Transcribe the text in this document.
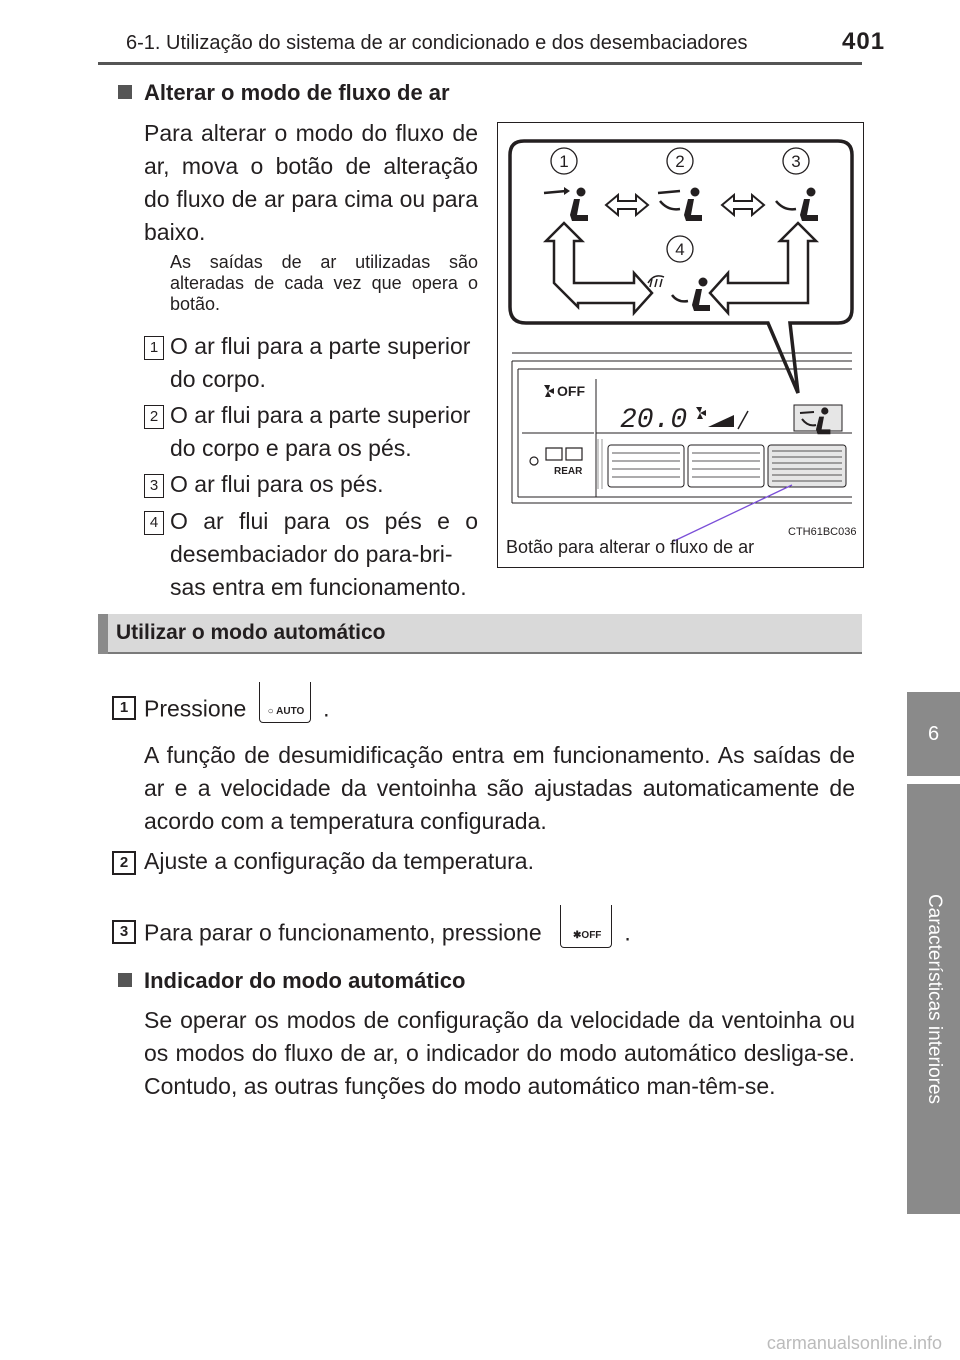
6-1. Utilização do sistema de ar condicionado e dos desembaciadores	401
6
Características interiores
Alterar o modo de fluxo de ar
Para alterar o modo do fluxo de ar, mova o botão de alteração do fluxo de ar para cima ou para baixo.
As saídas de ar utilizadas são alteradas de cada vez que opera o botão.
1 O ar flui para a parte superior
do corpo.
2 O ar flui para a parte superior
do corpo e para os pés.
3 O ar flui para os pés.
4 O ar flui para os pés e o
desembaciador do para-bri-
sas entra em funcionamento.
1	2	3
4
OFF
20.0
REAR
CTH61BC036
Botão para alterar o fluxo de ar
Utilizar o modo automático
1 Pressione ○ AUTO .
A função de desumidificação entra em funcionamento. As saídas de ar e a velocidade da ventoinha são ajustadas automaticamente de acordo com a temperatura configurada.
2 Ajuste a configuração da temperatura.
3 Para parar o funcionamento, pressione	✱OFF .
Indicador do modo automático
Se operar os modos de configuração da velocidade da ventoinha ou os modos do fluxo de ar, o indicador do modo automático desliga-se. Contudo, as outras funções do modo automático man-têm-se.
carmanualsonline.info
